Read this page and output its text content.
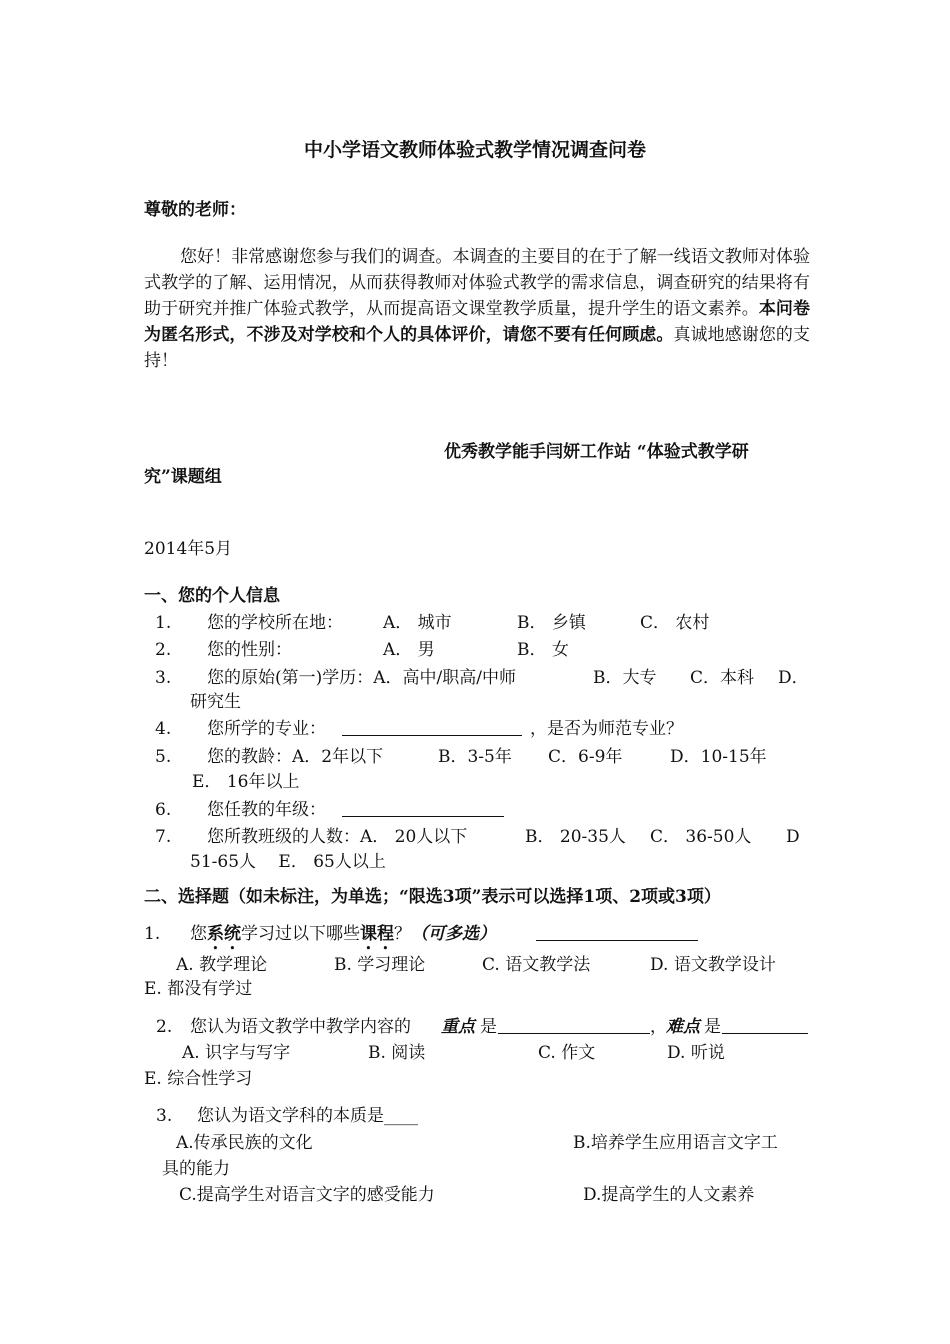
中小学语文教师体验式教学情况调查问卷
尊敬的老师：
您好！非常感谢您参与我们的调查。本调查的主要目的在于了解一线语文教师对体验式教学的了解、运用情况，从而获得教师对体验式教学的需求信息，调查研究的结果将有助于研究并推广体验式教学，从而提高语文课堂教学质量，提升学生的语文素养。本问卷为匿名形式，不涉及对学校和个人的具体评价，请您不要有任何顾虑。真诚地感谢您的支持！
优秀教学能手闫妍工作站 “体验式教学研
究”课题组
2014年5月
一、您的个人信息
1. 您的学校所在地： A． 城市	B． 乡镇	C． 农村
2. 您的性别：	A． 男	B． 女
3. 您的原始(第一)学历：A．高中/职高/中师	B．大专 C．本科 D．
研究生
4. 您所学的专业：	，是否为师范专业？
5. 您的教龄：A．2年以下	B．3-5年 C．6-9年	D．10-15年
E． 16年以上
6. 您任教的年级：
7. 您所教班级的人数：A． 20人以下	B． 20-35人 C． 36-50人 D
51-65人　 E． 65人以上
二、选择题（如未标注，为单选；“限选3项”表示可以选择1项、2项或3项）
1. 您系统学习过以下哪些课程？（可多选）
A. 教学理论	B. 学习理论	C. 语文教学法	D. 语文教学设计
E. 都没有学过
2. 您认为语文教学中教学内容的 重点 是	， 难点 是
A. 识字与写字	B. 阅读	C. 作文	D. 听说
E. 综合性学习
3. 您认为语文学科的本质是____
A.传承民族的文化	B.培养学生应用语言文字工
具的能力
C.提高学生对语言文字的感受能力	D.提高学生的人文素养
